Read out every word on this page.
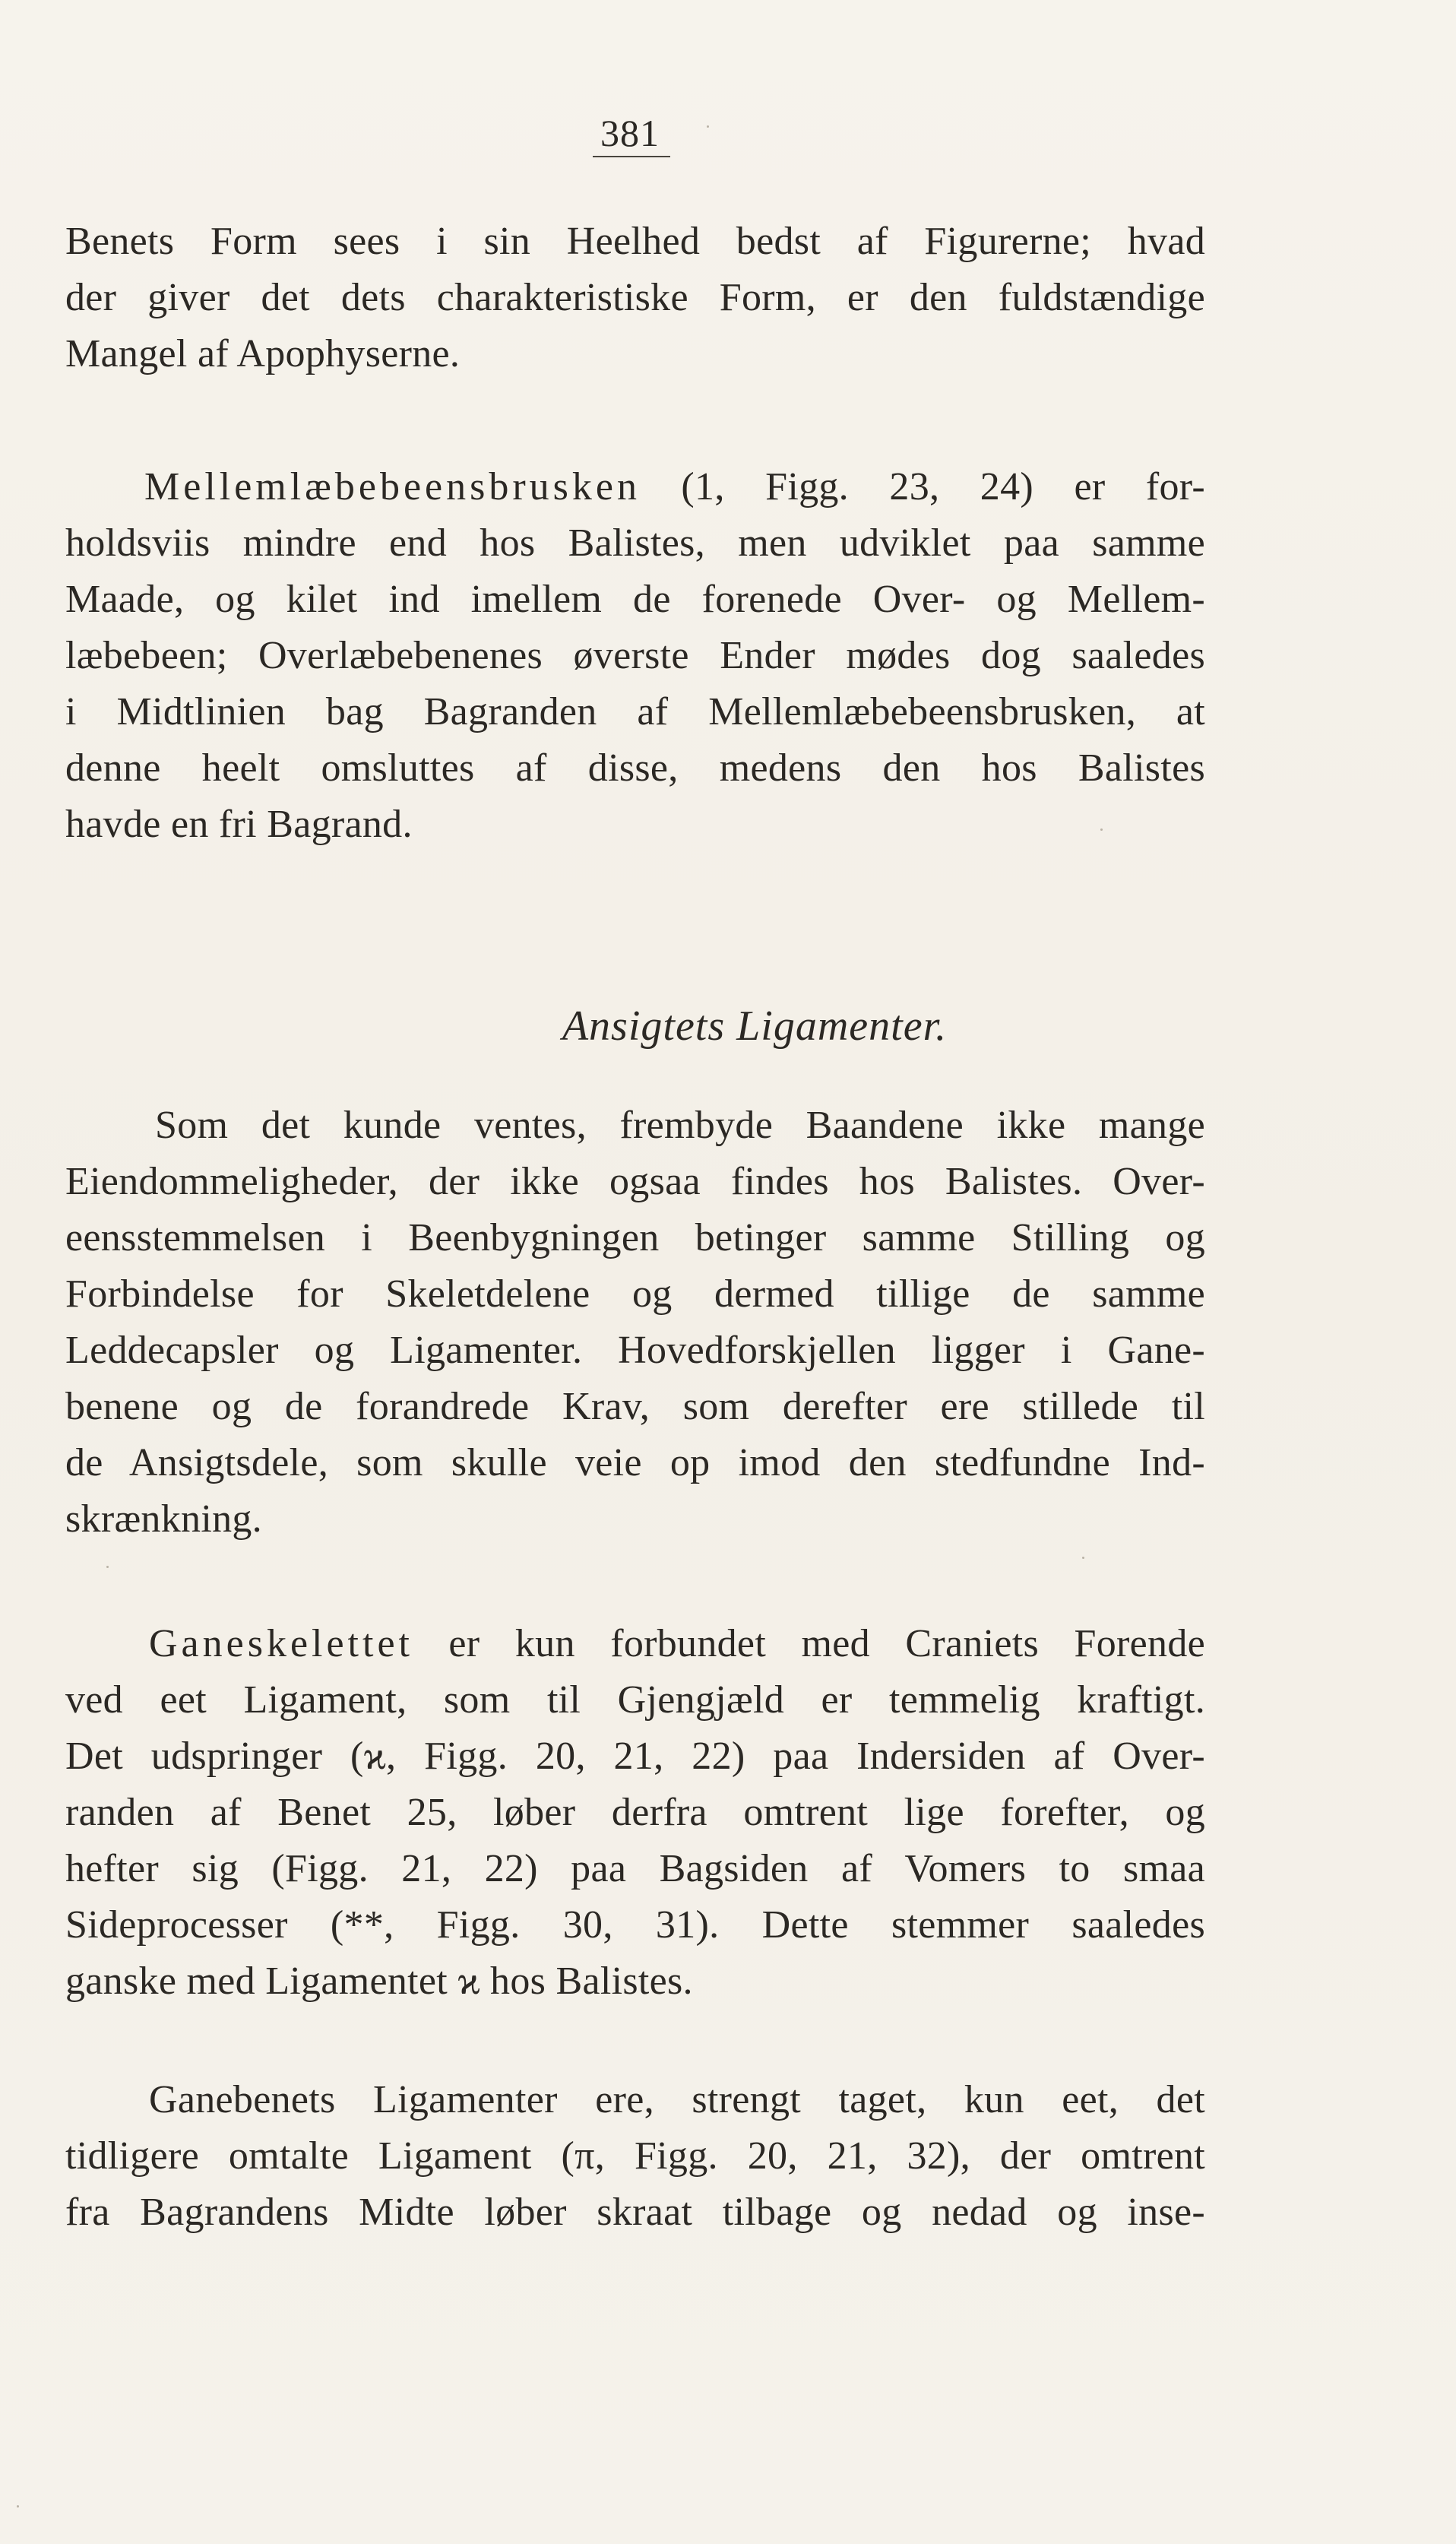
381
Benets Form sees i sin Heelhed bedst af Figurerne; hvad
der giver det dets charakteristiske Form, er den fuldstændige
Mangel af Apophyserne.
Mellemlæbebeensbrusken (1, Figg. 23, 24) er for-
holdsviis mindre end hos Balistes, men udviklet paa samme
Maade, og kilet ind imellem de forenede Over- og Mellem-
læbebeen; Overlæbebenenes øverste Ender mødes dog saaledes
i Midtlinien bag Bagranden af Mellemlæbebeensbrusken, at
denne heelt omsluttes af disse, medens den hos Balistes
havde en fri Bagrand.
Ansigtets Ligamenter.
Som det kunde ventes, frembyde Baandene ikke mange
Eiendommeligheder, der ikke ogsaa findes hos Balistes. Over-
eensstemmelsen i Beenbygningen betinger samme Stilling og
Forbindelse for Skeletdelene og dermed tillige de samme
Leddecapsler og Ligamenter. Hovedforskjellen ligger i Gane-
benene og de forandrede Krav, som derefter ere stillede til
de Ansigtsdele, som skulle veie op imod den stedfundne Ind-
skrænkning.
Ganeskelettet er kun forbundet med Craniets Forende
ved eet Ligament, som til Gjengjæld er temmelig kraftigt.
Det udspringer (ϰ, Figg. 20, 21, 22) paa Indersiden af Over-
randen af Benet 25, løber derfra omtrent lige forefter, og
hefter sig (Figg. 21, 22) paa Bagsiden af Vomers to smaa
Sideprocesser (**, Figg. 30, 31). Dette stemmer saaledes
ganske med Ligamentet ϰ hos Balistes.
Ganebenets Ligamenter ere, strengt taget, kun eet, det
tidligere omtalte Ligament (π, Figg. 20, 21, 32), der omtrent
fra Bagrandens Midte løber skraat tilbage og nedad og inse-
